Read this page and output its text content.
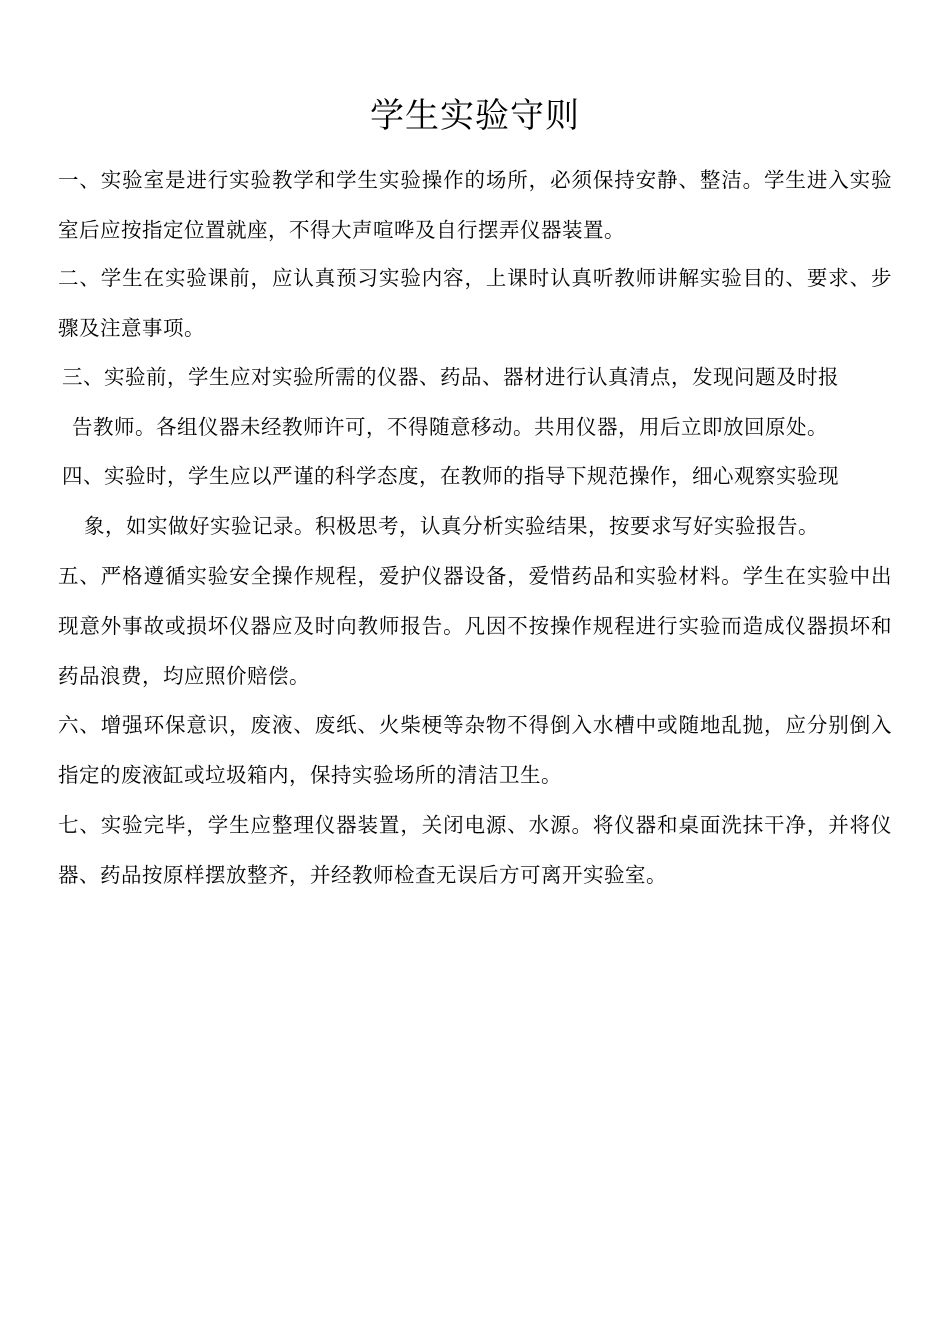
学生实验守则

一、实验室是进行实验教学和学生实验操作的场所，必须保持安静、整洁。学生进入实验室后应按指定位置就座，不得大声喧哗及自行摆弄仪器装置。

二、学生在实验课前，应认真预习实验内容，上课时认真听教师讲解实验目的、要求、步骤及注意事项。

三、实验前，学生应对实验所需的仪器、药品、器材进行认真清点，发现问题及时报
告教师。各组仪器未经教师许可，不得随意移动。共用仪器，用后立即放回原处。
四、实验时，学生应以严谨的科学态度，在教师的指导下规范操作，细心观察实验现
象，如实做好实验记录。积极思考，认真分析实验结果，按要求写好实验报告。

五、严格遵循实验安全操作规程，爱护仪器设备，爱惜药品和实验材料。学生在实验中出现意外事故或损坏仪器应及时向教师报告。凡因不按操作规程进行实验而造成仪器损坏和药品浪费，均应照价赔偿。

六、增强环保意识，废液、废纸、火柴梗等杂物不得倒入水槽中或随地乱抛，应分别倒入指定的废液缸或垃圾箱内，保持实验场所的清洁卫生。

七、实验完毕，学生应整理仪器装置，关闭电源、水源。将仪器和桌面洗抹干净，并将仪器、药品按原样摆放整齐，并经教师检查无误后方可离开实验室。
